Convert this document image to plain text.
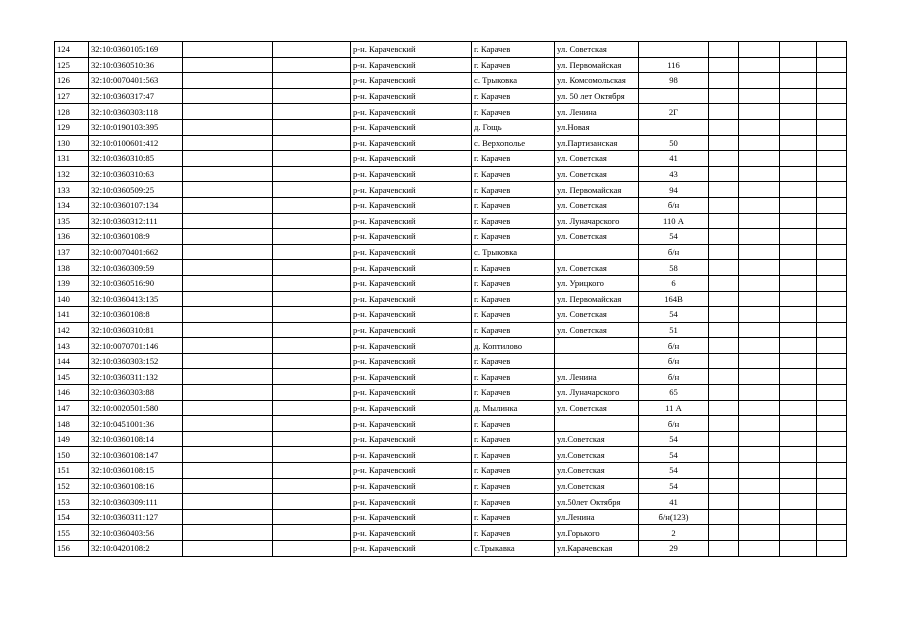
124	32:10:0360105:169			р-н. Карачевский	г. Карачев	ул. Советская					
125	32:10:0360510:36			р-н. Карачевский	г. Карачев	ул. Первомайская	116				
126	32:10:0070401:563			р-н. Карачевский	с. Трыковка	ул. Комсомольская	98				
127	32:10:0360317:47			р-н. Карачевский	г. Карачев	ул. 50 лет Октября					
128	32:10:0360303:118			р-н. Карачевский	г. Карачев	ул. Ленина	2Г				
129	32:10:0190103:395			р-н. Карачевский	д. Гощь	ул.Новая					
130	32:10:0100601:412			р-н. Карачевский	с. Верхополье	ул.Партизанская	50				
131	32:10:0360310:85			р-н. Карачевский	г. Карачев	ул. Советская	41				
132	32:10:0360310:63			р-н. Карачевский	г. Карачев	ул. Советская	43				
133	32:10:0360509:25			р-н. Карачевский	г. Карачев	ул. Первомайская	94				
134	32:10:0360107:134			р-н. Карачевский	г. Карачев	ул. Советская	б/н				
135	32:10:0360312:111			р-н. Карачевский	г. Карачев	ул. Луначарского	110 А				
136	32:10:0360108:9			р-н. Карачевский	г. Карачев	ул. Советская	54				
137	32:10:0070401:662			р-н. Карачевский	с. Трыковка		б/н				
138	32:10:0360309:59			р-н. Карачевский	г. Карачев	ул. Советская	58				
139	32:10:0360516:90			р-н. Карачевский	г. Карачев	ул. Урицкого	6				
140	32:10:0360413:135			р-н. Карачевский	г. Карачев	ул. Первомайская	164В				
141	32:10:0360108:8			р-н. Карачевский	г. Карачев	ул. Советская	54				
142	32:10:0360310:81			р-н. Карачевский	г. Карачев	ул. Советская	51				
143	32:10:0070701:146			р-н. Карачевский	д. Коптилово		б/н				
144	32:10:0360303:152			р-н. Карачевский	г. Карачев		б/н				
145	32:10:0360311:132			р-н. Карачевский	г. Карачев	ул. Ленина	б/н				
146	32:10:0360303:88			р-н. Карачевский	г. Карачев	ул. Луначарского	65				
147	32:10:0020501:580			р-н. Карачевский	д. Мылинка	ул. Советская	11 А				
148	32:10:0451001:36			р-н. Карачевский	г. Карачев		б/н				
149	32:10:0360108:14			р-н. Карачевский	г. Карачев	ул.Советская	54				
150	32:10:0360108:147			р-н. Карачевский	г. Карачев	ул.Советская	54				
151	32:10:0360108:15			р-н. Карачевский	г. Карачев	ул.Советская	54				
152	32:10:0360108:16			р-н. Карачевский	г. Карачев	ул.Советская	54				
153	32:10:0360309:111			р-н. Карачевский	г. Карачев	ул.50лет Октября	41				
154	32:10:0360311:127			р-н. Карачевский	г. Карачев	ул.Ленина	б/н(123)				
155	32:10:0360403:56			р-н. Карачевский	г. Карачев	ул.Горького	2				
156	32:10:0420108:2			р-н. Карачевский	с.Трыкавка	ул.Карачевская	29				
